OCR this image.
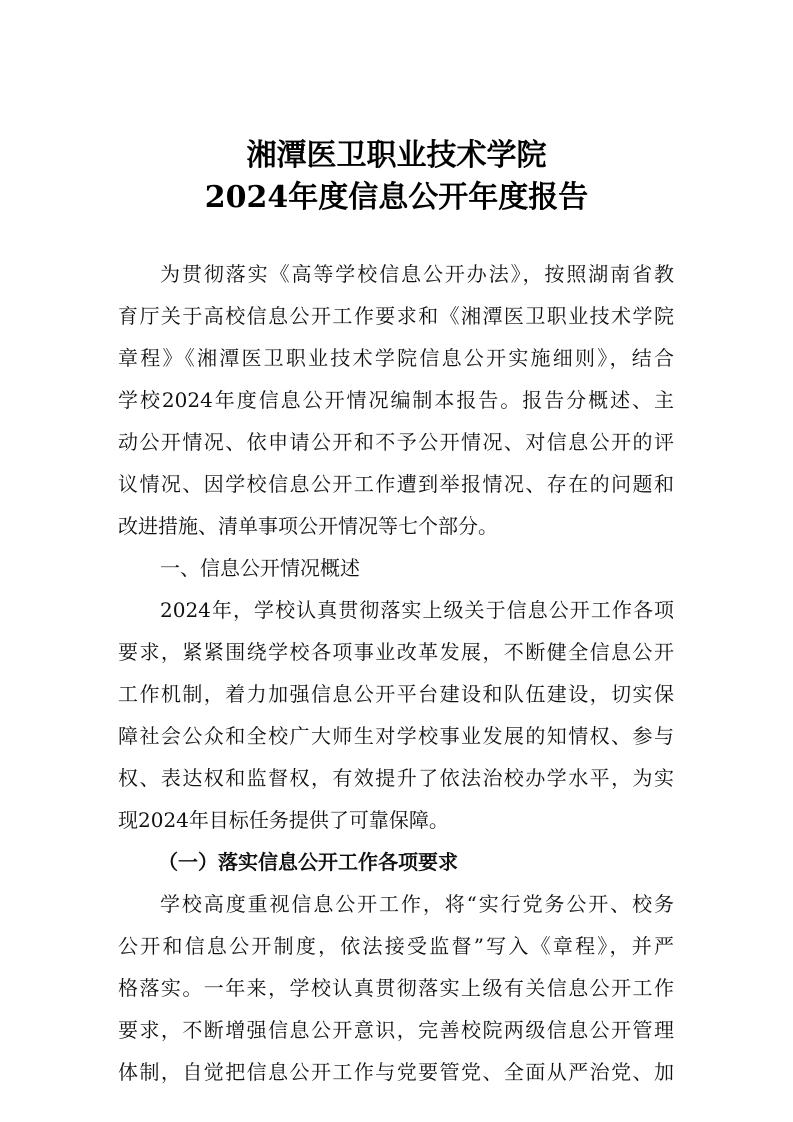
湘潭医卫职业技术学院
2024年度信息公开年度报告
为贯彻落实《高等学校信息公开办法》，按照湖南省教
育厅关于高校信息公开工作要求和《湘潭医卫职业技术学院
章程》《湘潭医卫职业技术学院信息公开实施细则》，结合
学校2024年度信息公开情况编制本报告。报告分概述、主
动公开情况、依申请公开和不予公开情况、对信息公开的评
议情况、因学校信息公开工作遭到举报情况、存在的问题和
改进措施、清单事项公开情况等七个部分。
一、信息公开情况概述
2024年，学校认真贯彻落实上级关于信息公开工作各项
要求，紧紧围绕学校各项事业改革发展，不断健全信息公开
工作机制，着力加强信息公开平台建设和队伍建设，切实保
障社会公众和全校广大师生对学校事业发展的知情权、参与
权、表达权和监督权，有效提升了依法治校办学水平，为实
现2024年目标任务提供了可靠保障。
（一）落实信息公开工作各项要求
学校高度重视信息公开工作，将“实行党务公开、校务
公开和信息公开制度，依法接受监督”写入《章程》，并严
格落实。一年来，学校认真贯彻落实上级有关信息公开工作
要求，不断增强信息公开意识，完善校院两级信息公开管理
体制，自觉把信息公开工作与党要管党、全面从严治党、加
